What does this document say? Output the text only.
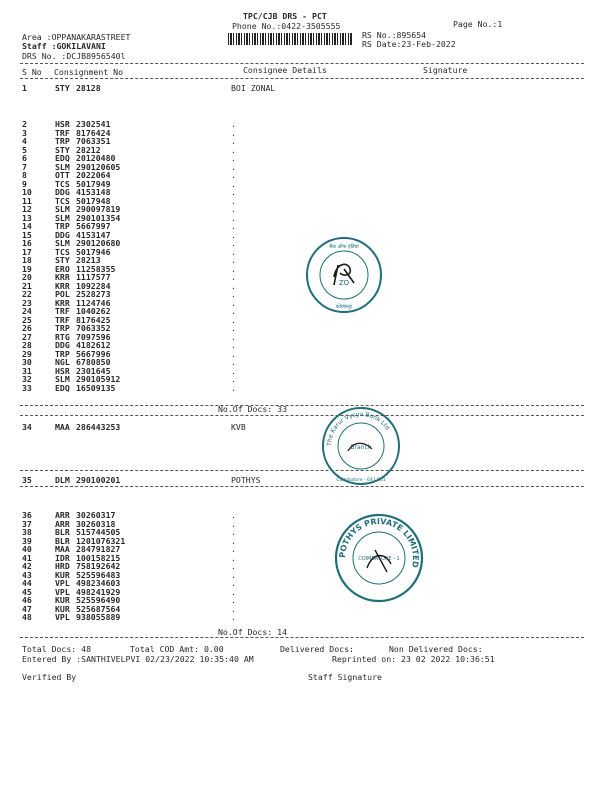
TPC/CJB DRS - PCT
Phone No.:0422-3505555	Page No.:1
Area :OPPANAKARASTREET
Staff :GOKILAVANI
DRS No. :DCJB8956540l
RS No.:895654
RS Date:23-Feb-2022
S No Consignment No	Consignee Details	Signature
1	STY 28128	BOI ZONAL
2	HSR 2302541	.
3	TRF 8176424	.
4	TRP 7063351	.
5	STY 28212	.
6	EDQ 20120480	.
7	SLM 290120605	.
8	OTT 2022064	.
9	TCS 5017949	.
10	DDG 4153148	.
11	TCS 5017948	.
12	SLM 290097819	.
13	SLM 290101354	.
14	TRP 5667997	.
15	DDG 4153147	.
16	SLM 290120680	.
17	TCS 5017946	.
18	STY 28213	.
19	ERO 11258355	.
20	KRR 1117577	.
21	KRR 1092284	.
22	POL 2528273	.
23	KRR 1124746	.
24	TRF 1040262	.
25	TRF 8176425	.
26	TRP 7063352	.
27	RTG 7097596	.
28	DDG 4182612	.
29	TRP 5667996	.
30	NGL 6780850	.
31	HSR 2301645	.
32	SLM 290105912	.
33	EDQ 16509135	.
No.Of Docs: 33
34	MAA 286443253	KVB
35	DLM 290100201	POTHYS
36	ARR 30260317	.
37	ARR 30260318	.
38	BLR 515744505	.
39	BLR 1201076321	.
40	MAA 284791827	.
41	IDR 100158215	.
42	HRD 758192642	.
43	KUR 525596483	.
44	VPL 498234603	.
45	VPL 498241929	.
46	KUR 525596490	.
47	KUR 525687564	.
48	VPL 938055889	.
No.Of Docs: 14
Total Docs: 48	Total COD Amt: 0.00	Delivered Docs:	Non Delivered Docs:
Entered By :SANTHIVELPVI 02/23/2022 10:35:40 AM	Reprinted on: 23 02 2022 10:36:51
Verified By	Staff Signature
बैंक ऑफ इंडिया
ZO
कोयंबत्तूर
The Karur Vysya Bank Ltd
Branch
Coimbatore - 641 001
POTHYS PRIVATE LIMITED
COIMBATORE - 1
